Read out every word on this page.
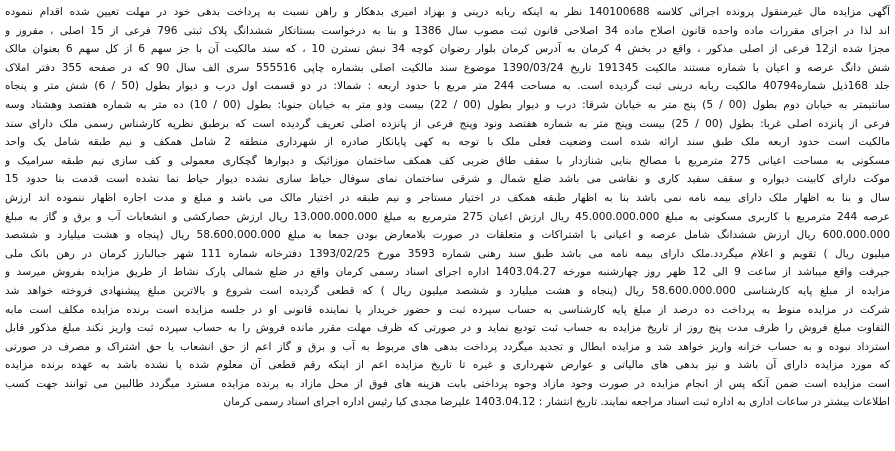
آگهی مزایده مال غیرمنقول پرونده اجرائی کلاسه 140100688 نظر به اینکه ربابه درینی و بهزاد امیری بدهکار و راهن نسبت به پرداخت بدهی خود در مهلت تعیین شده اقدام ننموده
اند لذا در اجرای مقررات ماده واحده قانون اصلاح ماده 34 اصلاحی قانون ثبت مصوب سال 1386 و بنا به درخواست بستانکار ششدانگ پلاک ثبتی 796 فرعی از 15 اصلی ، مفروز و
مجزا شده از12 فرعی از اصلی مذکور ، واقع در بخش 4 کرمان به آدرس کرمان بلوار رضوان کوچه 34 نبش نسترن 10 ، که سند مالکیت آن با جز سهم 6 از کل سهم 6 بعنوان مالک
شش دانگ عرصه و اعیان با شماره مستند مالکیت 191345 تاریخ 1390/03/24 موضوع سند مالکیت اصلی بشماره چاپی 555516 سری الف سال 90 که در صفحه 355 دفتر املاک
جلد 168ذیل شماره40794 مالکیت ربابه درینی ثبت گردیده است. به مساحت 244 متر مربع با حدود اربعه : شمالا: در دو قسمت اول درب و دیوار بطول (50 / 6) شش متر و پنجاه
سانتیمتر به خیابان دوم بطول (00 / 5) پنج متر به خیابان شرقا: درب و دیوار بطول (00 / 22) بیست ودو متر به خیابان جنوبا: بطول (00 / 10) ده متر به شماره هفتصد وهشتاد وسه
فرعی از پانزده اصلی غربا: بطول (00 / 25) بیست وپنج متر به شماره هفتصد ونود وپنج فرعی از پانزده اصلی تعریف گردیده است که برطبق نظریه کارشناس رسمی ملک دارای سند
مالکیت است حدود اربعه ملک طبق سند ارائه شده است وضعیت فعلی ملک با توجه به کهی پایانکار صادره از شهرداری منطقه 2 شامل همکف و نیم طبقه شامل یک واحد
مسکونی به مساحت اعیانی 275 مترمربع با مصالح بنایی شنازدار با سقف طاق ضربی کف همکف ساختمان موزائیک و دیوارها گچکاری معمولی و کف سازی نیم طبقه سرامیک و
موکت دارای کابینت دیواره و سقف سفید کاری و نقاشی می باشد ضلع شمال و شرقی ساختمان نمای سوفال حیاط سازی نشده دیوار حیاط نما نشده است قدمت بنا حدود 15
سال و بنا به اظهار ملک دارای بیمه نامه نمی باشد بنا به اظهار طبقه همکف در اختیار مستاجر و نیم طبقه در اختیار مالک می باشد و مبلغ و مدت اجاره اظهار ننموده اند ارزش
عرصه 244 مترمربع با کاربری مسکونی به مبلغ 45.000.000.000 ریال ارزش اعیان 275 مترمربع به مبلغ 13.000.000.000 ریال ارزش حصارکشی و انشعابات آب و برق و گاز به مبلغ
600.000.000 ریال ارزش ششدانگ شامل عرصه و اعیانی با اشتراکات و متعلقات در صورت بلامعارض بودن جمعا به مبلغ 58.600.000.000 ریال (پنجاه و هشت میلیارد و ششصد
میلیون ریال ) تقویم و اعلام میگردد.ملک دارای بیمه نامه می باشد طبق سند رهنی شماره 3593 مورخ 1393/02/25 دفترخانه شماره 111 شهر جبالبارز کرمان در رهن بانک ملی
جیرفت واقع میباشد از ساعت 9 الی 12 ظهر روز چهارشنبه مورخه 1403.04.27 اداره اجرای اسناد رسمی کرمان واقع در ضلع شمالی پارک نشاط از طریق مزایده بفروش میرسد و
مزایده از مبلغ پایه کارشناسی 58.600.000.000 ریال (پنجاه و هشت میلیارد و ششصد میلیون ریال ) که قطعی گردیده است شروع و بالاترین مبلغ پیشنهادی فروخته خواهد شد
شرکت در مزایده منوط به پرداخت ده درصد از مبلغ پایه کارشناسی به حساب سپرده ثبت و حضور خریدار یا نماینده قانونی او در جلسه مزایده است برنده مزایده مکلف است مابه
التفاوت مبلغ فروش را ظرف مدت پنج روز از تاریخ مزایده به حساب ثبت تودیع نماید و در صورتی که ظرف مهلت مقرر مانده فروش را به حساب سپرده ثبت واریز نکند مبلغ مذکور قابل
استرداد نبوده و به حساب خزانه واریز خواهد شد و مزایده ابطال و تجدید میگردد پرداخت بدهی های مربوط به آب و برق و گاز اعم از حق انشعاب یا حق اشتراک و مصرف در صورتی
که مورد مزایده دارای آن باشد و نیز بدهی های مالیاتی و عوارض شهرداری و غیره تا تاریخ مزایده اعم از اینکه رقم قطعی آن معلوم شده یا نشده باشد به عهده برنده مزایده
است مزایده است ضمن آنکه پس از انجام مزایده در صورت وجود مازاد وجوه پرداختی بابت هزینه های فوق از محل مازاد به برنده مزایده مسترد میگردد طالبین می توانند جهت کسب
اطلاعات بیشتر در ساعات اداری به اداره ثبت اسناد مراجعه نمایند. تاریخ انتشار : 1403.04.12 علیرضا مجدی کیا رئیس اداره اجرای اسناد رسمی کرمان
